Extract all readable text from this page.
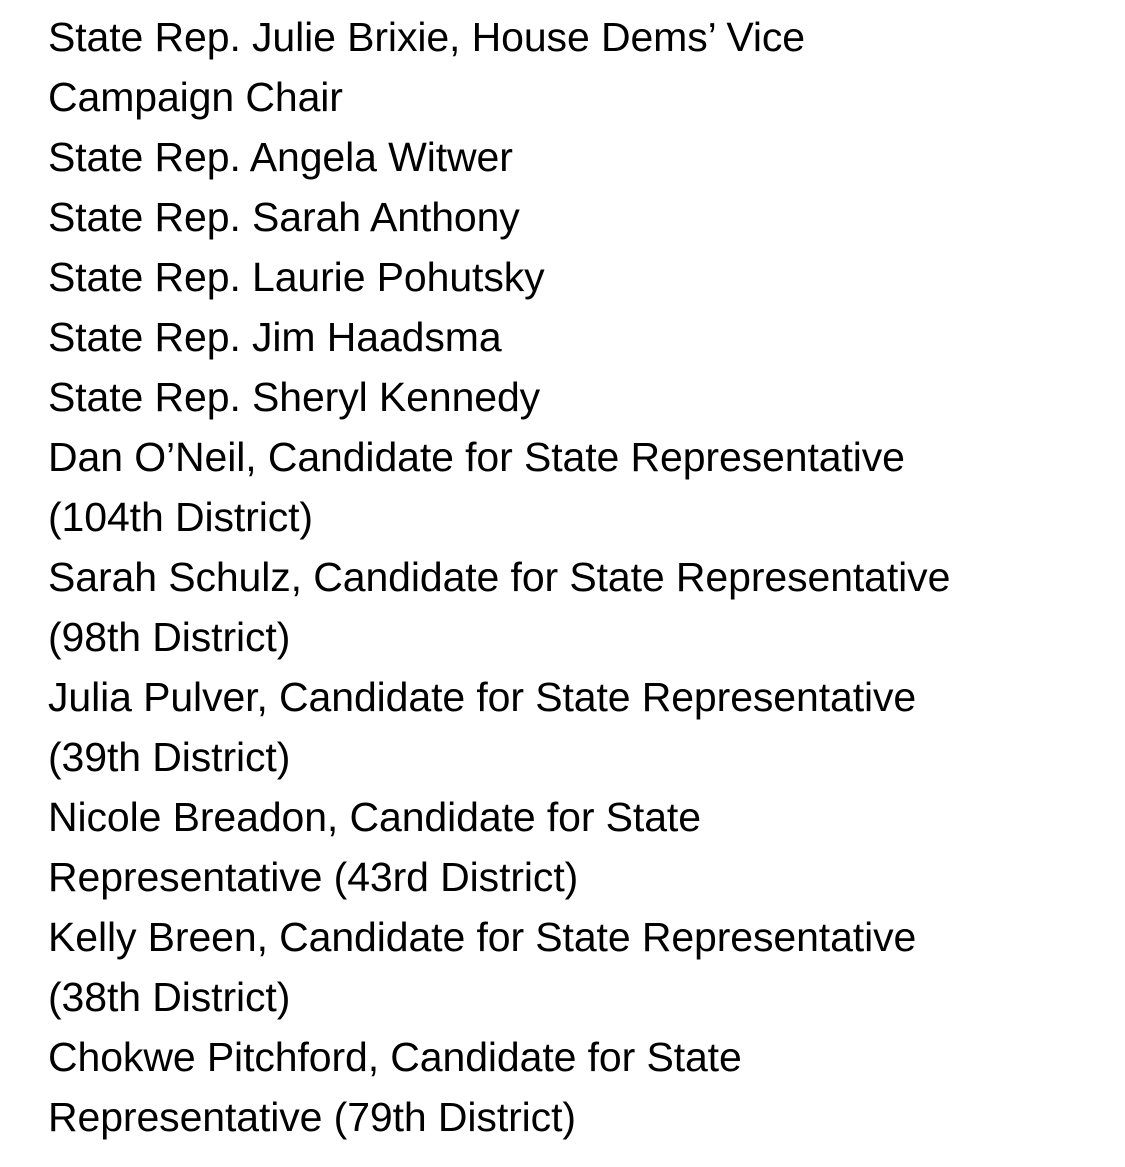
State Rep. Julie Brixie, House Dems’ Vice
Campaign Chair
State Rep. Angela Witwer
State Rep. Sarah Anthony
State Rep. Laurie Pohutsky
State Rep. Jim Haadsma
State Rep. Sheryl Kennedy
Dan O’Neil, Candidate for State Representative
(104th District)
Sarah Schulz, Candidate for State Representative
(98th District)
Julia Pulver, Candidate for State Representative
(39th District)
Nicole Breadon, Candidate for State
Representative (43rd District)
Kelly Breen, Candidate for State Representative
(38th District)
Chokwe Pitchford, Candidate for State
Representative (79th District)
